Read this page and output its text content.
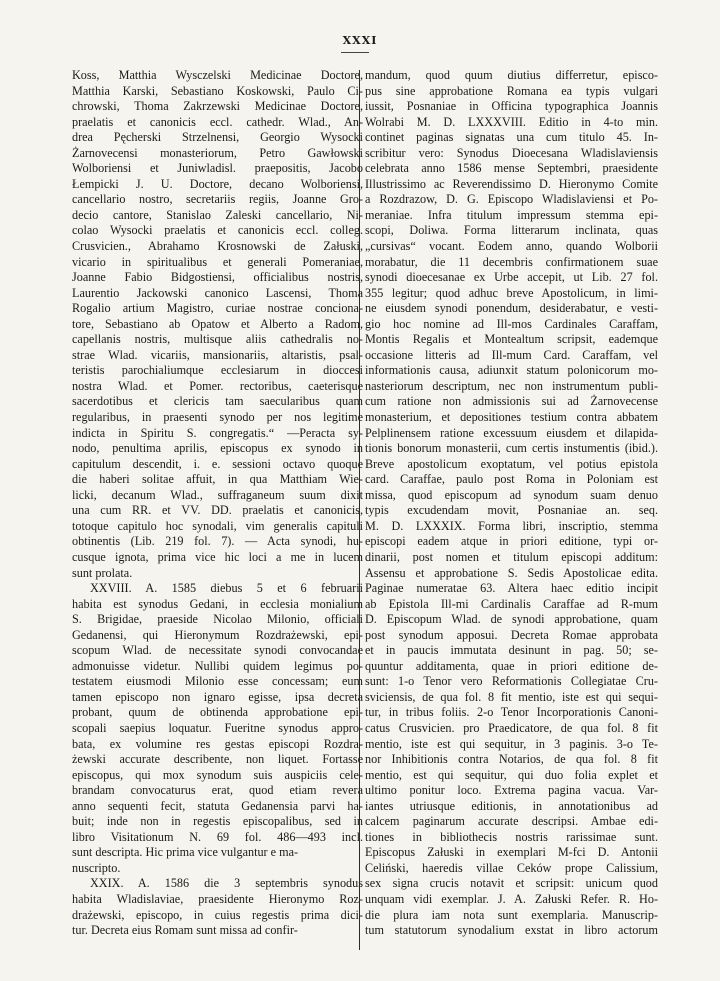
XXXI
Koss, Matthia Wysczelski Medicinae Doctore,
Matthia Karski, Sebastiano Koskowski, Paulo Ci-
chrowski, Thoma Zakrzewski Medicinae Doctore,
praelatis et canonicis eccl. cathedr. Wlad., An-
drea Pęcherski Strzelnensi, Georgio Wysocki
Żarnovecensi monasteriorum, Petro Gawłowski
Wolboriensi et Juniwladisl. praepositis, Jacobo
Łempicki J. U. Doctore, decano Wolboriensi,
cancellario nostro, secretariis regiis, Joanne Gro-
decio cantore, Stanislao Zaleski cancellario, Ni-
colao Wysocki praelatis et canonicis eccl. colleg.
Crusvicien., Abrahamo Krosnowski de Załuski,
vicario in spiritualibus et generali Pomeraniae,
Joanne Fabio Bidgostiensi, officialibus nostris,
Laurentio Jackowski canonico Lascensi, Thoma
Rogalio artium Magistro, curiae nostrae conciona-
tore, Sebastiano ab Opatow et Alberto a Radom,
capellanis nostris, multisque aliis cathedralis no-
strae Wlad. vicariis, mansionariis, altaristis, psal-
teristis parochialiumque ecclesiarum in dioccesi
nostra Wlad. et Pomer. rectoribus, caeterisque
sacerdotibus et clericis tam saecularibus quam
regularibus, in praesenti synodo per nos legitime
indicta in Spiritu S. congregatis.“ —Peracta sy-
nodo, penultima aprilis, episcopus ex synodo in
capitulum descendit, i. e. sessioni octavo quoque
die haberi solitae affuit, in qua Matthiam Wie-
licki, decanum Wlad., suffraganeum suum dixit
una cum RR. et VV. DD. praelatis et canonicis,
totoque capitulo hoc synodali, vim generalis capituli
obtinentis (Lib. 219 fol. 7). — Acta synodi, hu-
cusque ignota, prima vice hic loci a me in lucem
sunt prolata.
XXVIII. A. 1585 diebus 5 et 6 februarii
habita est synodus Gedani, in ecclesia monialium
S. Brigidae, praeside Nicolao Milonio, officiali
Gedanensi, qui Hieronymum Rozdrażewski, epi-
scopum Wlad. de necessitate synodi convocandae
admonuisse videtur. Nullibi quidem legimus po-
testatem eiusmodi Milonio esse concessam; eum
tamen episcopo non ignaro egisse, ipsa decreta
probant, quum de obtinenda approbatione epi-
scopali saepius loquatur. Fueritne synodus appro-
bata, ex volumine res gestas episcopi Rozdra-
żewski accurate describente, non liquet. Fortasse
episcopus, qui mox synodum suis auspiciis cele-
brandam convocaturus erat, quod etiam revera
anno sequenti fecit, statuta Gedanensia parvi ha-
buit; inde non in regestis episcopalibus, sed in
libro Visitationum N. 69 fol. 486—493 incl.
sunt descripta. Hic prima vice vulgantur e ma-
nuscripto.
XXIX. A. 1586 die 3 septembris synodus
habita Wladislaviae, praesidente Hieronymo Roz-
drażewski, episcopo, in cuius regestis prima dici-
tur. Decreta eius Romam sunt missa ad confir-
mandum, quod quum diutius differretur, episco-
pus sine approbatione Romana ea typis vulgari
iussit, Posnaniae in Officina typographica Joannis
Wolrabi M. D. LXXXVIII. Editio in 4-to min.
continet paginas signatas una cum titulo 45. In-
scribitur vero: Synodus Dioecesana Wladislaviensis
celebrata anno 1586 mense Septembri, praesidente
Illustrissimo ac Reverendissimo D. Hieronymo Comite
a Rozdrazow, D. G. Episcopo Wladislaviensi et Po-
meraniae. Infra titulum impressum stemma epi-
scopi, Doliwa. Forma litterarum inclinata, quas
„cursivas“ vocant. Eodem anno, quando Wolborii
morabatur, die 11 decembris confirmationem suae
synodi dioecesanae ex Urbe accepit, ut Lib. 27 fol.
355 legitur; quod adhuc breve Apostolicum, in limi-
ne eiusdem synodi ponendum, desiderabatur, e vesti-
gio hoc nomine ad Ill-mos Cardinales Caraffam,
Montis Regalis et Montealtum scripsit, eademque
occasione litteris ad Ill-mum Card. Caraffam, vel
informationis causa, adiunxit statum polonicorum mo-
nasteriorum descriptum, nec non instrumentum publi-
cum ratione non admissionis sui ad Żarnovecense
monasterium, et depositiones testium contra abbatem
Pelplinensem ratione excessuum eiusdem et dilapida-
tionis bonorum monasterii, cum certis instumentis (ibid.).
Breve apostolicum exoptatum, vel potius epistola
card. Caraffae, paulo post Roma in Poloniam est
missa, quod episcopum ad synodum suam denuo
typis excudendam movit, Posnaniae an. seq.
M. D. LXXXIX. Forma libri, inscriptio, stemma
episcopi eadem atque in priori editione, typi or-
dinarii, post nomen et titulum episcopi additum:
Assensu et approbatione S. Sedis Apostolicae edita.
Paginae numeratae 63. Altera haec editio incipit
ab Epistola Ill-mi Cardinalis Caraffae ad R-mum
D. Episcopum Wlad. de synodi approbatione, quam
post synodum apposui. Decreta Romae approbata
et in paucis immutata desinunt in pag. 50; se-
quuntur additamenta, quae in priori editione de-
sunt: 1-o Tenor vero Reformationis Collegiatae Cru-
sviciensis, de qua fol. 8 fit mentio, iste est qui sequi-
tur, in tribus foliis. 2-o Tenor Incorporationis Canoni-
catus Crusvicien. pro Praedicatore, de qua fol. 8 fit
mentio, iste est qui sequitur, in 3 paginis. 3-o Te-
nor Inhibitionis contra Notarios, de qua fol. 8 fit
mentio, est qui sequitur, qui duo folia explet et
ultimo ponitur loco. Extrema pagina vacua. Var-
iantes utriusque editionis, in annotationibus ad
calcem paginarum accurate descripsi. Ambae edi-
tiones in bibliothecis nostris rarissimae sunt.
Episcopus Załuski in exemplari M-fci D. Antonii
Celiński, haeredis villae Ceków prope Calissium,
sex signa crucis notavit et scripsit: unicum quod
unquam vidi exemplar. J. A. Załuski Refer. R. Ho-
die plura iam nota sunt exemplaria. Manuscrip-
tum statutorum synodalium exstat in libro actorum
